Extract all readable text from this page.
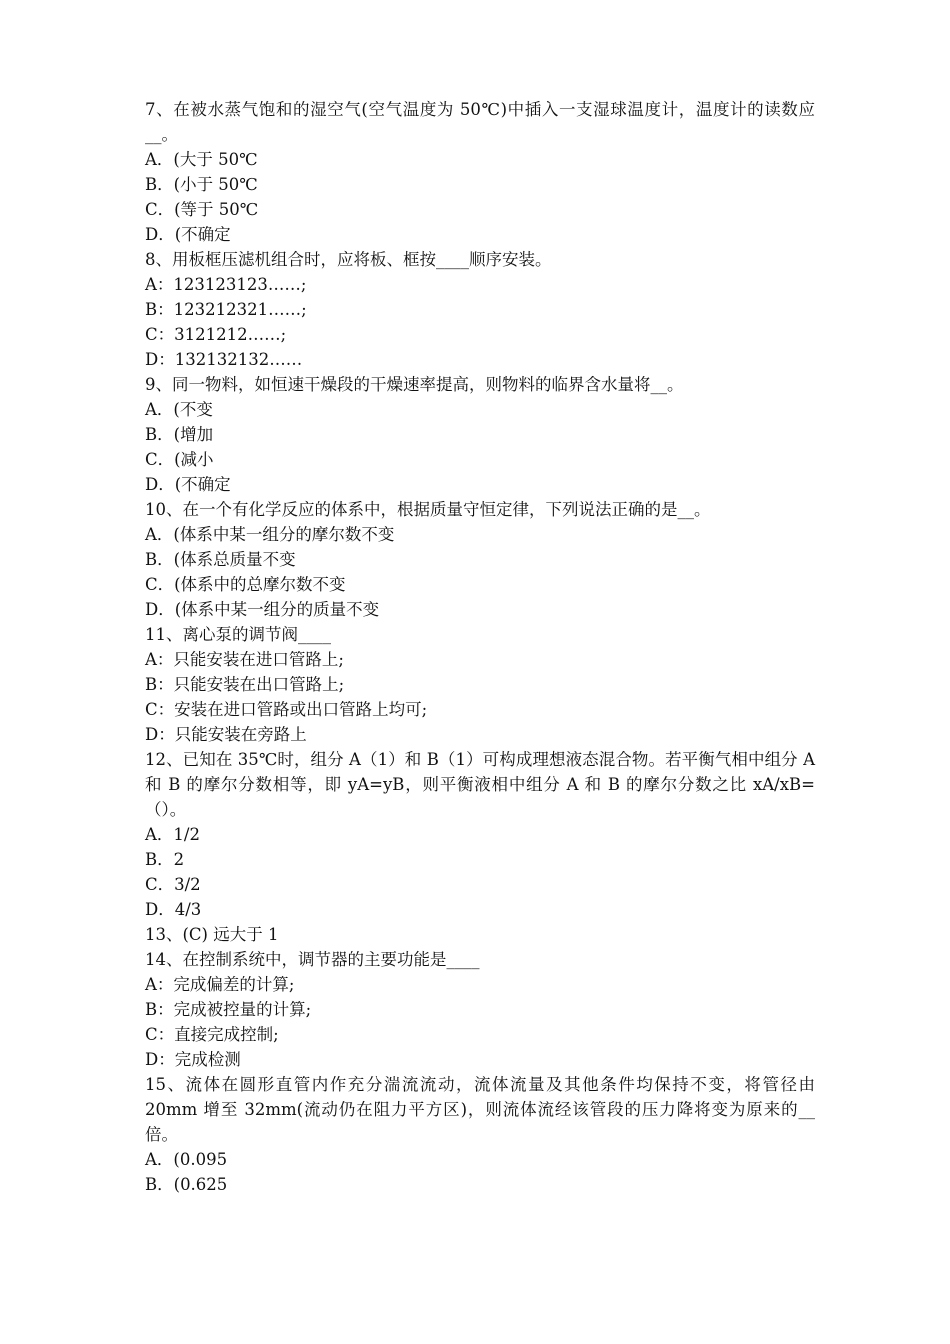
7、在被水蒸气饱和的湿空气(空气温度为 50℃)中插入一支湿球温度计，温度计的读数应__。
A．(大于 50℃
B．(小于 50℃
C．(等于 50℃
D．(不确定
8、用板框压滤机组合时，应将板、框按____顺序安装。
A：123123123……;
B：123212321……;
C：3121212……;
D：132132132……
9、同一物料，如恒速干燥段的干燥速率提高，则物料的临界含水量将__。
A．(不变
B．(增加
C．(减小
D．(不确定
10、在一个有化学反应的体系中，根据质量守恒定律，下列说法正确的是__。
A．(体系中某一组分的摩尔数不变
B．(体系总质量不变
C．(体系中的总摩尔数不变
D．(体系中某一组分的质量不变
11、离心泵的调节阀____
A：只能安装在进口管路上;
B：只能安装在出口管路上;
C：安装在进口管路或出口管路上均可;
D：只能安装在旁路上
12、已知在 35℃时，组分 A（1）和 B（1）可构成理想液态混合物。若平衡气相中组分 A 和 B 的摩尔分数相等，即 yA=yB，则平衡液相中组分 A 和 B 的摩尔分数之比 xA/xB=（）。
A．1/2
B．2
C．3/2
D．4/3
13、(C) 远大于 1
14、在控制系统中，调节器的主要功能是____
A：完成偏差的计算;
B：完成被控量的计算;
C：直接完成控制;
D：完成检测
15、流体在圆形直管内作充分湍流流动，流体流量及其他条件均保持不变，将管径由 20mm 增至 32mm(流动仍在阻力平方区)，则流体流经该管段的压力降将变为原来的__倍。
A．(0.095
B．(0.625
